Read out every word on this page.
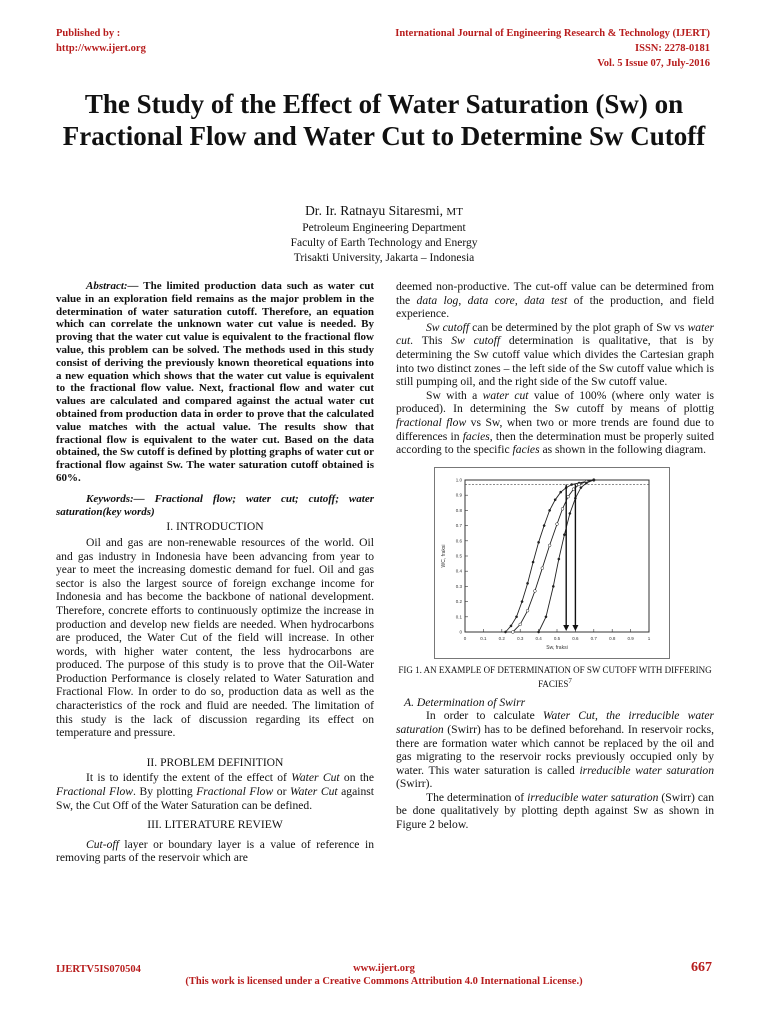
Published by :
http://www.ijert.org
International Journal of Engineering Research & Technology (IJERT)
ISSN: 2278-0181
Vol. 5 Issue 07, July-2016
The Study of the Effect of Water Saturation (Sw) on Fractional Flow and Water Cut to Determine Sw Cutoff
Dr. Ir. Ratnayu Sitaresmi, MT
Petroleum Engineering Department
Faculty of Earth Technology and Energy
Trisakti University, Jakarta – Indonesia

Abstract:— The limited production data such as water cut value in an exploration field remains as the major problem in the determination of water saturation cutoff. Therefore, an equation which can correlate the unknown water cut value is needed. By proving that the water cut value is equivalent to the fractional flow value, this problem can be solved. The methods used in this study consist of deriving the previously known theoretical equations into a new equation which shows that the water cut value is equivalent to the fractional flow value. Next, fractional flow and water cut values are calculated and compared against the actual water cut obtained from production data in order to prove that the calculated value matches with the actual value. The results show that fractional flow is equivalent to the water cut. Based on the data obtained, the Sw cutoff is defined by plotting graphs of water cut or fractional flow against Sw. The water saturation cutoff obtained is 60%.

Keywords:— Fractional flow; water cut; cutoff; water saturation(key words)

I. INTRODUCTION

Oil and gas are non-renewable resources of the world. Oil and gas industry in Indonesia have been advancing from year to year to meet the increasing domestic demand for fuel. Oil and gas sector is also the largest source of foreign exchange income for Indonesia and has become the backbone of national development. Therefore, concrete efforts to continuously optimize the increase in production and develop new fields are needed. When hydrocarbons are produced, the Water Cut of the field will increase. In other words, with higher water content, the less hydrocarbons are produced. The purpose of this study is to prove that the Oil-Water Production Performance is closely related to Water Saturation and Fractional Flow. In order to do so, production data as well as the characteristics of the rock and fluid are needed. The limitation of this study is the lack of discussion regarding its effect on temperature and pressure.

II. PROBLEM DEFINITION

It is to identify the extent of the effect of Water Cut on the Fractional Flow. By plotting Fractional Flow or Water Cut against Sw, the Cut Off of the Water Saturation can be defined.

III. LITERATURE REVIEW

Cut-off layer or boundary layer is a value of reference in removing parts of the reservoir which are

deemed non-productive. The cut-off value can be determined from the data log, data core, data test of the production, and field experience.

Sw cutoff can be determined by the plot graph of Sw vs water cut. This Sw cutoff determination is qualitative, that is by determining the Sw cutoff value which divides the Cartesian graph into two distinct zones – the left side of the Sw cutoff value which is still pumping oil, and the right side of the Sw cutoff value.

Sw with a water cut value of 100% (where only water is produced). In determining the Sw cutoff by means of plottig fractional flow vs Sw, when two or more trends are found due to differences in facies, then the determination must be properly suited according to the specific facies as shown in the following diagram.

0	0.1	0.2	0.3	0.4	0.5	0.6	0.7	0.8	0.9	1
0
0.1
0.2
0.3
0.4
0.5
0.6
0.7
0.8
0.9
1.0
Sw, fraksi
WC, fraksi

FIG 1. AN EXAMPLE OF DETERMINATION OF SW CUTOFF WITH DIFFERING FACIES$^7$

A. Determination of Swirr

In order to calculate Water Cut, the irreducible water saturation (Swirr) has to be defined beforehand. In reservoir rocks, there are formation water which cannot be replaced by the oil and gas migrating to the reservoir rocks previously occupied only by water. This water saturation is called irreducible water saturation (Swirr).

The determination of irreducible water saturation (Swirr) can be done qualitatively by plotting depth against Sw as shown in Figure 2 below.

IJERTV5IS070504	www.ijert.org
(This work is licensed under a Creative Commons Attribution 4.0 International License.)
667
